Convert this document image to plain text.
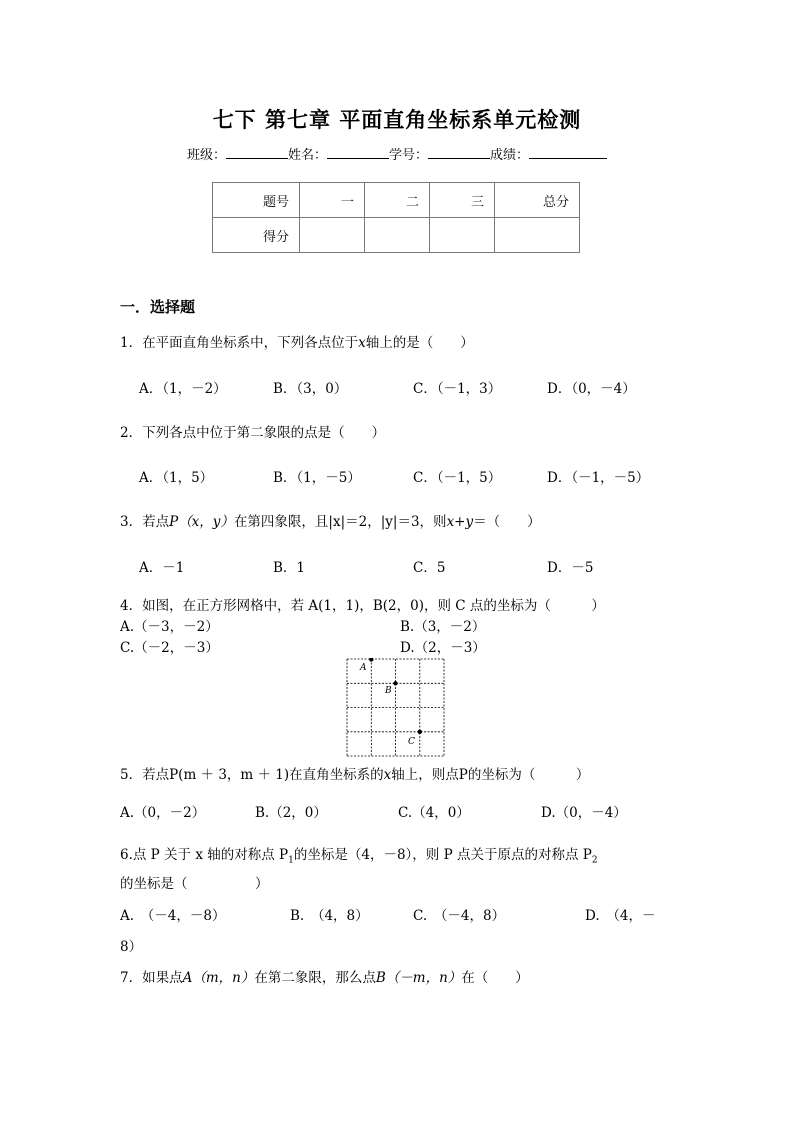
七下 第七章 平面直角坐标系单元检测
班级：	姓名：	学号：	成绩：
题号	一	二	三	总分
得分				
一．选择题
1．在平面直角坐标系中，下列各点位于x轴上的是（　　）
A．（1，－2）	B．（3，0）	C．（－1，3）	D．（0，－4）
2．下列各点中位于第二象限的点是（　　）
A．（1，5）	B．（1，－5）	C．（－1，5）	D．（－1，－5）
3．若点P（x，y）在第四象限，且|x|＝2，|y|＝3，则x+y＝（　　）
A．－1	B．1	C．5	D．－5
4．如图，在正方形网格中，若 A(1，1)，B(2，0)，则 C 点的坐标为（　　　）
A.（－3，－2）	B.（3，－2）
C.（－2，－3）	D.（2，－3）
A
B
C
5．若点P(m ＋ 3，m ＋ 1)在直角坐标系的x轴上，则点P的坐标为（　　　）
A.（0，－2）	B.（2，0）	C.（4，0）	D.（0，－4）
6.点 P 关于 x 轴的对称点 $P_1$的坐标是（4，－8），则 P 点关于原点的对称点 $P_2$
的坐标是（　　　　　）
A.　（－4，－8）	B.　（4，8）	C.　（－4，8）	D.　（4，－
8）
7．如果点A（m，n）在第二象限，那么点B（－m，n）在（　　）
